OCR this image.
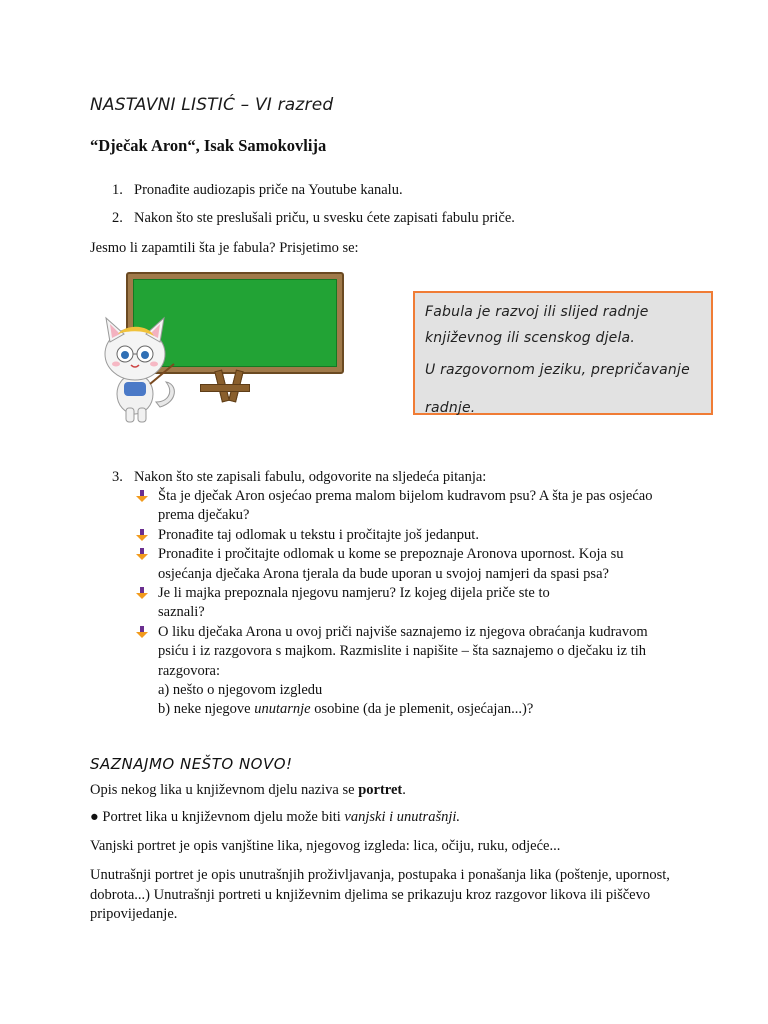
NASTAVNI LISTIĆ – VI razred
“Dječak Aron“, Isak Samokovlija
1. Pronađite audiozapis priče na Youtube kanalu.
2. Nakon što ste preslušali priču, u svesku ćete zapisati fabulu priče.
Jesmo li zapamtili šta je fabula? Prisjetimo se:

Fabula je razvoj ili slijed radnje

književnog ili scenskog djela.

U razgovornom jeziku, prepričavanje

radnje.

3. Nakon što ste zapisali fabulu, odgovorite na sljedeća pitanja:
Šta je dječak Aron osjećao prema malom bijelom kudravom psu? A šta je pas osjećao prema dječaku?
Pronađite taj odlomak u tekstu i pročitajte još jedanput.
Pronađite i pročitajte odlomak u kome se prepoznaje Aronova upornost. Koja su osjećanja dječaka Arona tjerala da bude uporan u svojoj namjeri da spasi psa?
Je li majka prepoznala njegovu namjeru? Iz kojeg dijela priče ste to saznali?
O liku dječaka Arona u ovoj priči najviše saznajemo iz njegova obraćanja kudravom psiću i iz razgovora s majkom. Razmislite i napišite – šta saznajemo o dječaku iz tih razgovora:
a) nešto o njegovom izgledu
b) neke njegove unutarnje osobine (da je plemenit, osjećajan...)?
SAZNAJMO NEŠTO NOVO!
Opis nekog lika u književnom djelu naziva se portret.
● Portret lika u književnom djelu može biti vanjski i unutrašnji.
Vanjski portret je opis vanjštine lika, njegovog izgleda: lica, očiju, ruku, odjeće...
Unutrašnji portret je opis unutrašnjih proživljavanja, postupaka i ponašanja lika (poštenje, upornost, dobrota...) Unutrašnji portreti u književnim djelima se prikazuju kroz razgovor likova ili piščevo pripovijedanje.
